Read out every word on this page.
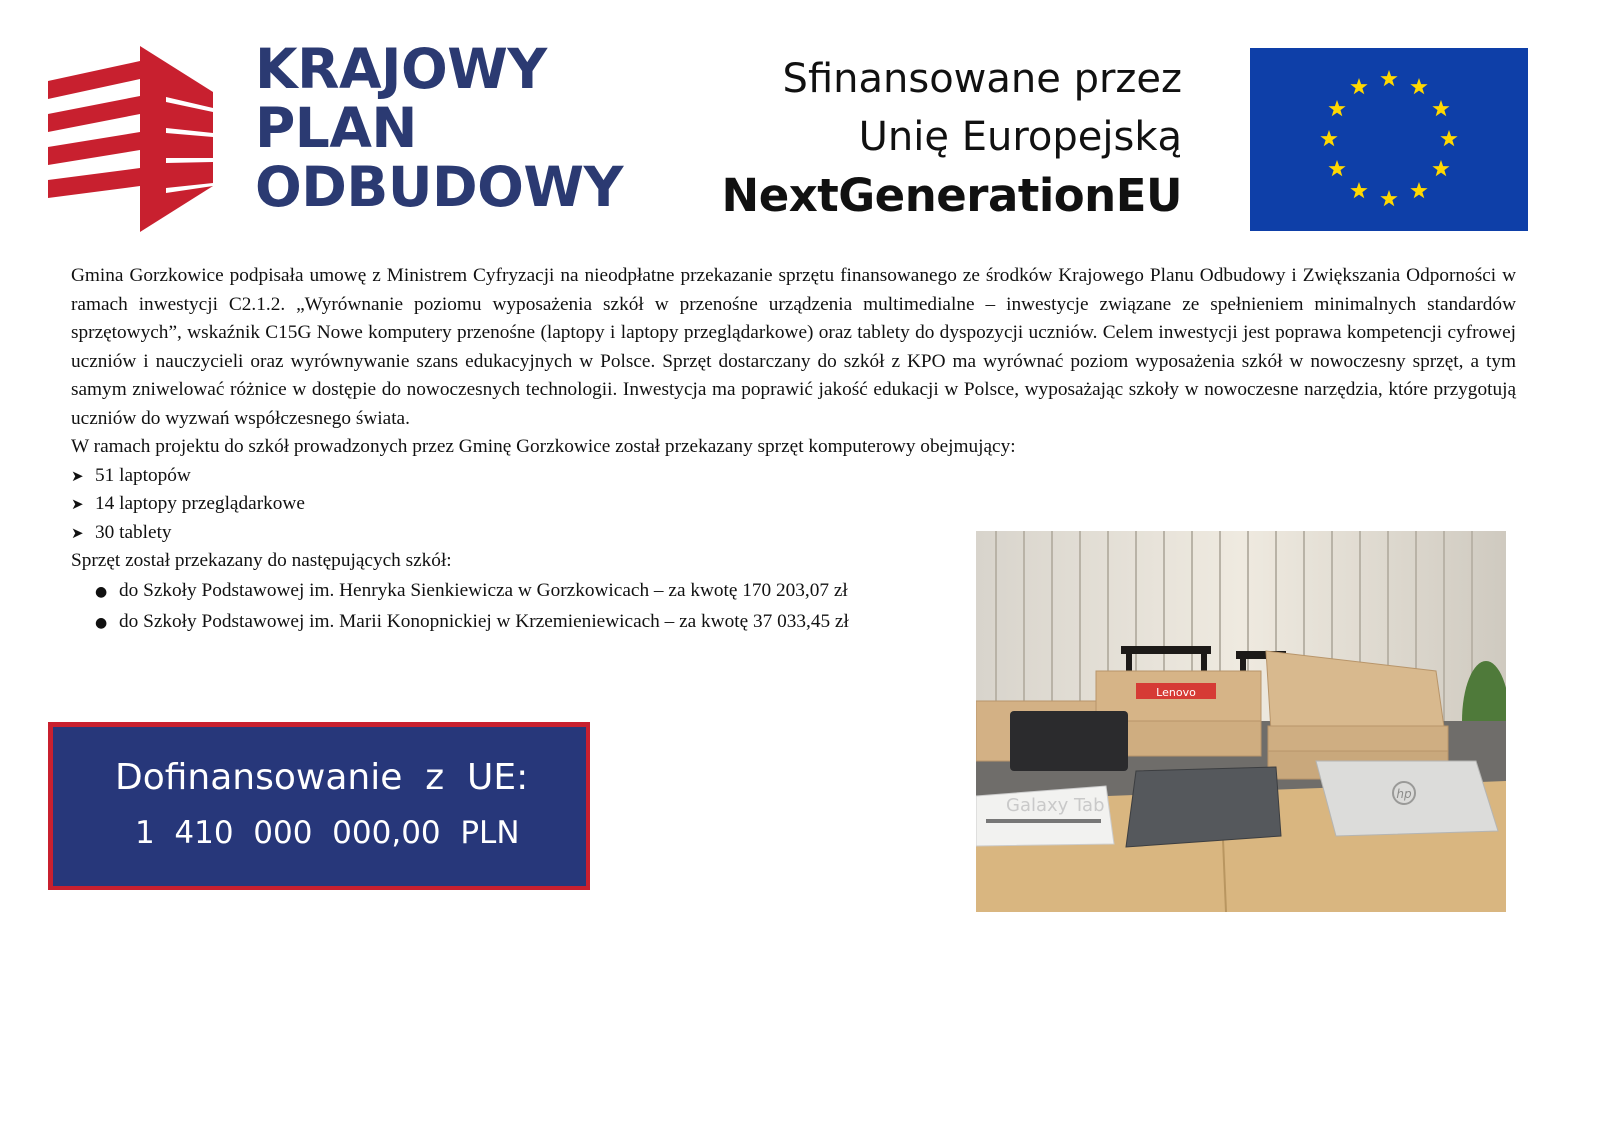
KRAJOWY
PLAN
ODBUDOWY
Sfinansowane przez
Unię Europejską
NextGenerationEU

Gmina Gorzkowice podpisała umowę z Ministrem Cyfryzacji na nieodpłatne przekazanie sprzętu finansowanego ze środków Krajowego Planu Odbudowy i Zwiększania Odporności w ramach inwestycji C2.1.2. „Wyrównanie poziomu wyposażenia szkół w przenośne urządzenia multimedialne – inwestycje związane ze spełnieniem minimalnych standardów sprzętowych”, wskaźnik C15G Nowe komputery przenośne (laptopy i laptopy przeglądarkowe) oraz tablety do dyspozycji uczniów. Celem inwestycji jest poprawa kompetencji cyfrowej uczniów i nauczycieli oraz wyrównywanie szans edukacyjnych w Polsce. Sprzęt dostarczany do szkół z KPO ma wyrównać poziom wyposażenia szkół w nowoczesny sprzęt, a tym samym zniwelować różnice w dostępie do nowoczesnych technologii. Inwestycja ma poprawić jakość edukacji w Polsce, wyposażając szkoły w nowoczesne narzędzia, które przygotują uczniów do wyzwań współczesnego świata.

W ramach projektu do szkół prowadzonych przez Gminę Gorzkowice został przekazany sprzęt komputerowy obejmujący:

➤ 51 laptopów
➤ 14 laptopy przeglądarkowe
➤ 30 tablety

Sprzęt został przekazany do następujących szkół:

● do Szkoły Podstawowej im. Henryka Sienkiewicza w Gorzkowicach – za kwotę 170 203,07 zł
● do Szkoły Podstawowej im. Marii Konopnickiej w Krzemieniewicach – za kwotę 37 033,45 zł
Dofinansowanie  z  UE:
1  410  000  000,00  PLN
Lenovo
Galaxy Tab
hp
